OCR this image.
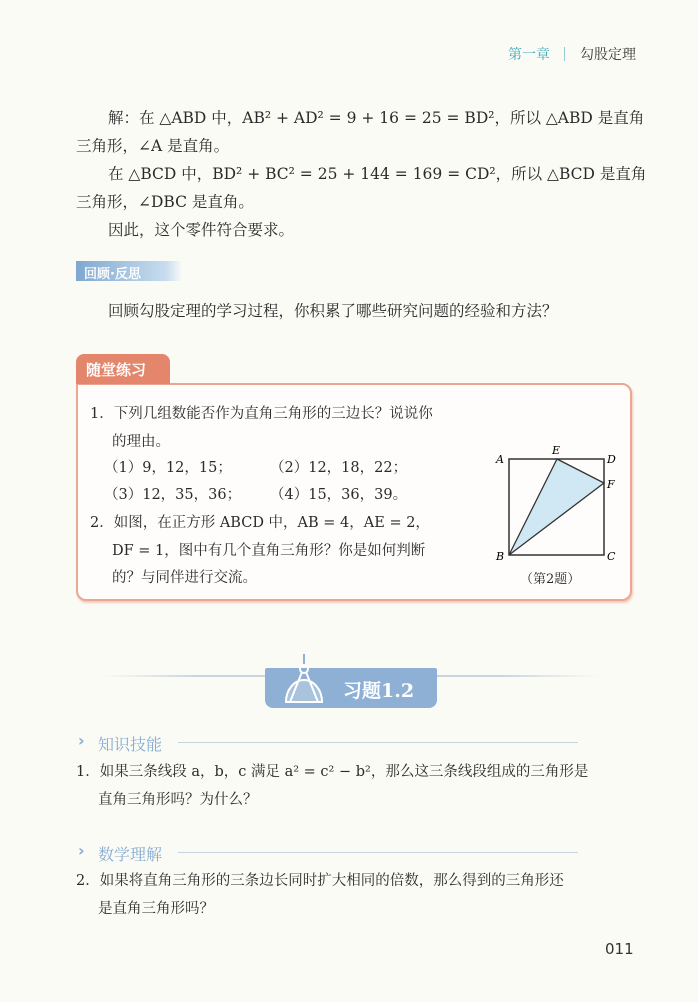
第一章 勾股定理
解：在 △ABD 中，AB² + AD² = 9 + 16 = 25 = BD²，所以 △ABD 是直角
三角形，∠A 是直角。
在 △BCD 中，BD² + BC² = 25 + 144 = 169 = CD²，所以 △BCD 是直角
三角形，∠DBC 是直角。
因此，这个零件符合要求。
回顾·反思
回顾勾股定理的学习过程，你积累了哪些研究问题的经验和方法？
随堂练习
1．下列几组数能否作为直角三角形的三边长？说说你
的理由。
（1）9，12，15；	（2）12，18，22；
（3）12，35，36； （4）15，36，39。
2．如图，在正方形 ABCD 中，AB = 4，AE = 2，
DF = 1，图中有几个直角三角形？你是如何判断
的？与同伴进行交流。
A
E
D
F
B	C
（第2题）
习题1.2
› 知识技能
1．如果三条线段 a，b，c 满足 a² = c² − b²，那么这三条线段组成的三角形是
直角三角形吗？为什么？
› 数学理解
2．如果将直角三角形的三条边长同时扩大相同的倍数，那么得到的三角形还
是直角三角形吗？
011
